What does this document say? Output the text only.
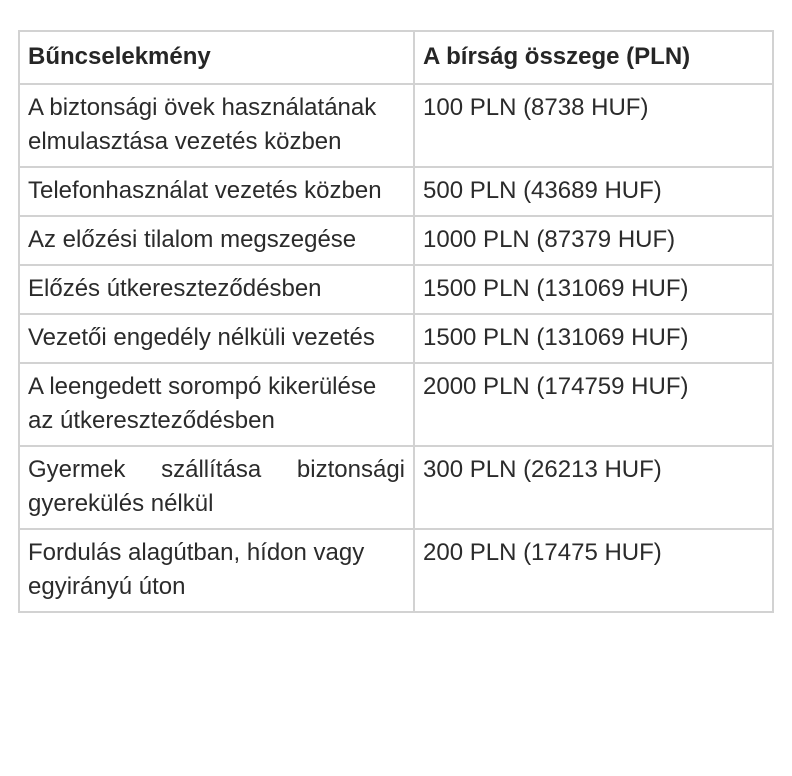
Bűncselekmény	A bírság összege (PLN)
A biztonsági övek használatának elmulasztása vezetés közben	100 PLN (8738 HUF)
Telefonhasználat vezetés közben	500 PLN (43689 HUF)
Az előzési tilalom megszegése	1000 PLN (87379 HUF)
Előzés útkereszteződésben	1500 PLN (131069 HUF)
Vezetői engedély nélküli vezetés	1500 PLN (131069 HUF)
A leengedett sorompó kikerülése az útkereszteződésben	2000 PLN (174759 HUF)
Gyermek szállítása biztonsági gyerekülés nélkül	300 PLN (26213 HUF)
Fordulás alagútban, hídon vagy egyirányú úton	200 PLN (17475 HUF)
